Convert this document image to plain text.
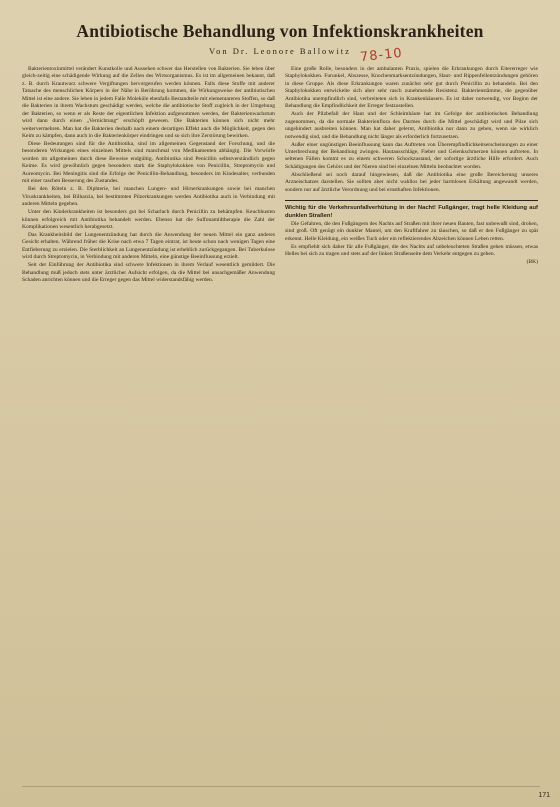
Antibiotische Behandlung von Infektionskrankheiten
Von Dr. Leonore Ballowitz 78-10

Bakterientoxinmittel verändert Kunstkolle und Aussehen schwer das Herstellen von Bakterien. Sie leben über gleich-zeitig eine schädigende Wirkung auf die Zellen des Wirtsorganismus. Es ist im allgemeinen bekannt, daß z. B. durch Krautwurz schwere Vergiftungen hervorgerufen werden können. Falls diese Stoffe mit anderer Tatsache des menschlichen Körpers in der Nähe in Berührung kommen, die Wirkungsweise der antibiotischen Mittel ist eine andere. Sie leben in jedem Falle Moleküle ebenfalls Bestandteile mit elementareren Stoffen, so daß die Bakterien in ihrem Wachstum geschädigt werden, welche die antibiotische Stoff zugleich in der Umgebung der Bakterien, so wenn er als Reste der eigentlichen Infektion aufgenommen werden, der Bakterienwachstum wird dann durch einen „Vernichtung“ erschöpft gewesen. Die Bakterien können sich nicht mehr weitervermehren. Man hat die Bakterien deshalb nach einem derartigen Effekt auch die Möglichkeit, gegen den Keim zu kämpfen, dann auch in die Bakterienkörper eindringen und so sich ihre Zerstörung bewirken.

Diese Bedeutungen sind für die Antibiotika, sind im allgemeinen Gegenstand der Forschung, und die besonderen Wirkungen eines einzelnen Mittels sind manchmal von Medikamenten abhängig. Die Vorwürfe wurden im allgemeinen durch diese Beweise endgültig. Antibiotika sind Penicillin selbstverständlich gegen Keime. Es wird gewöhnlich gegen besonders stark die Staphylokokken von Penicillin, Streptomycin und Aureomycin. Bei Meningitis sind die Erfolge der Penicillin-Behandlung, besonders im Kindesalter, verbunden mit einer raschen Besserung des Zustandes.

Bei den Röteln z. B. Diphterie, bei manchen Lungen- und Hirnerkrankungen sowie bei manchen Viruskrankheiten, bei Bilharzia, bei bestimmten Pilzerkrankungen werden Antibiotika auch in Verbindung mit anderen Mitteln gegeben.

Unter den Kinderkrankheiten ist besonders gut bei Scharlach durch Penicillin zu bekämpfen. Keuchhusten können erfolgreich mit Antibiotika behandelt werden. Ebenso hat die Sulfonamidtherapie die Zahl der Komplikationen wesentlich herabgesetzt.

Das Krankheitsbild der Lungenentzündung hat durch die Anwendung der neuen Mittel ein ganz anderes Gesicht erhalten. Während früher die Krise nach etwa 7 Tagen eintrat, ist heute schon nach wenigen Tagen eine Entfieberung zu erzielen. Die Sterblichkeit an Lungenentzündung ist erheblich zurückgegangen. Bei Tuberkulose wird durch Streptomycin, in Verbindung mit anderen Mitteln, eine günstige Beeinflussung erzielt.

Seit der Einführung der Antibiotika sind schwere Infektionen in ihrem Verlauf wesentlich gemildert. Die Behandlung muß jedoch stets unter ärztlicher Aufsicht erfolgen, da die Mittel bei unsachgemäßer Anwendung Schaden anrichten können und die Erreger gegen das Mittel widerstandsfähig werden.

Eine große Rolle, besonders in der ambulanten Praxis, spielen die Erkrankungen durch Eitererreger wie Staphylokokken. Furunkel, Abszesse, Knochenmarksentzündungen, Haut- und Rippenfellentzündungen gehören in diese Gruppe. Als diese Erkrankungen waren zunächst sehr gut durch Penicillin zu behandeln. Bei den Staphylokokken entwickelte sich aber sehr rasch zunehmende Resistenz. Bakterienstämme, die gegenüber Antibiotika unempfindlich sind, verbreiteten sich in Krankenhäusern. Es ist daher notwendig, vor Beginn der Behandlung die Empfindlichkeit der Erreger festzustellen.

Auch der Pilzbefall der Haut und der Schleimhäute hat im Gefolge der antibiotischen Behandlung zugenommen, da die normale Bakterienflora des Darmes durch die Mittel geschädigt wird und Pilze sich ungehindert ausbreiten können. Man hat daher gelernt, Antibiotika nur dann zu geben, wenn sie wirklich notwendig sind, und die Behandlung nicht länger als erforderlich fortzusetzen.

Außer einer ungünstigen Beeinflussung kann das Auftreten von Überempfindlichkeitserscheinungen zu einer Unterbrechung der Behandlung zwingen. Hautausschläge, Fieber und Gelenkschmerzen können auftreten. In seltenen Fällen kommt es zu einem schweren Schockzustand, der sofortige ärztliche Hilfe erfordert. Auch Schädigungen des Gehörs und der Nieren sind bei einzelnen Mitteln beobachtet worden.

Abschließend sei noch darauf hingewiesen, daß die Antibiotika eine große Bereicherung unseres Arzneischatzes darstellen. Sie sollten aber nicht wahllos bei jeder harmlosen Erkältung angewandt werden, sondern nur auf ärztliche Verordnung und bei ernsthaften Infektionen.

Wichtig für die Verkehrsunfallverhütung in der Nacht! Fußgänger, tragt helle Kleidung auf dunklen Straßen!

Die Gefahren, die den Fußgängern des Nachts auf Straßen mit ihrer neuen Bauten, fast unbewußt sind, drohen, sind groß. Oft genügt ein dunkler Mantel, um den Kraftfahrer zu täuschen, so daß er den Fußgänger zu spät erkennt. Helle Kleidung, ein weißes Tuch oder ein reflektierendes Abzeichen können Leben retten.

Es empfiehlt sich daher für alle Fußgänger, die des Nachts auf unbeleuchteten Straßen gehen müssen, etwas Helles bei sich zu tragen und stets auf der linken Straßenseite dem Verkehr entgegen zu gehen.

(BK)

171
